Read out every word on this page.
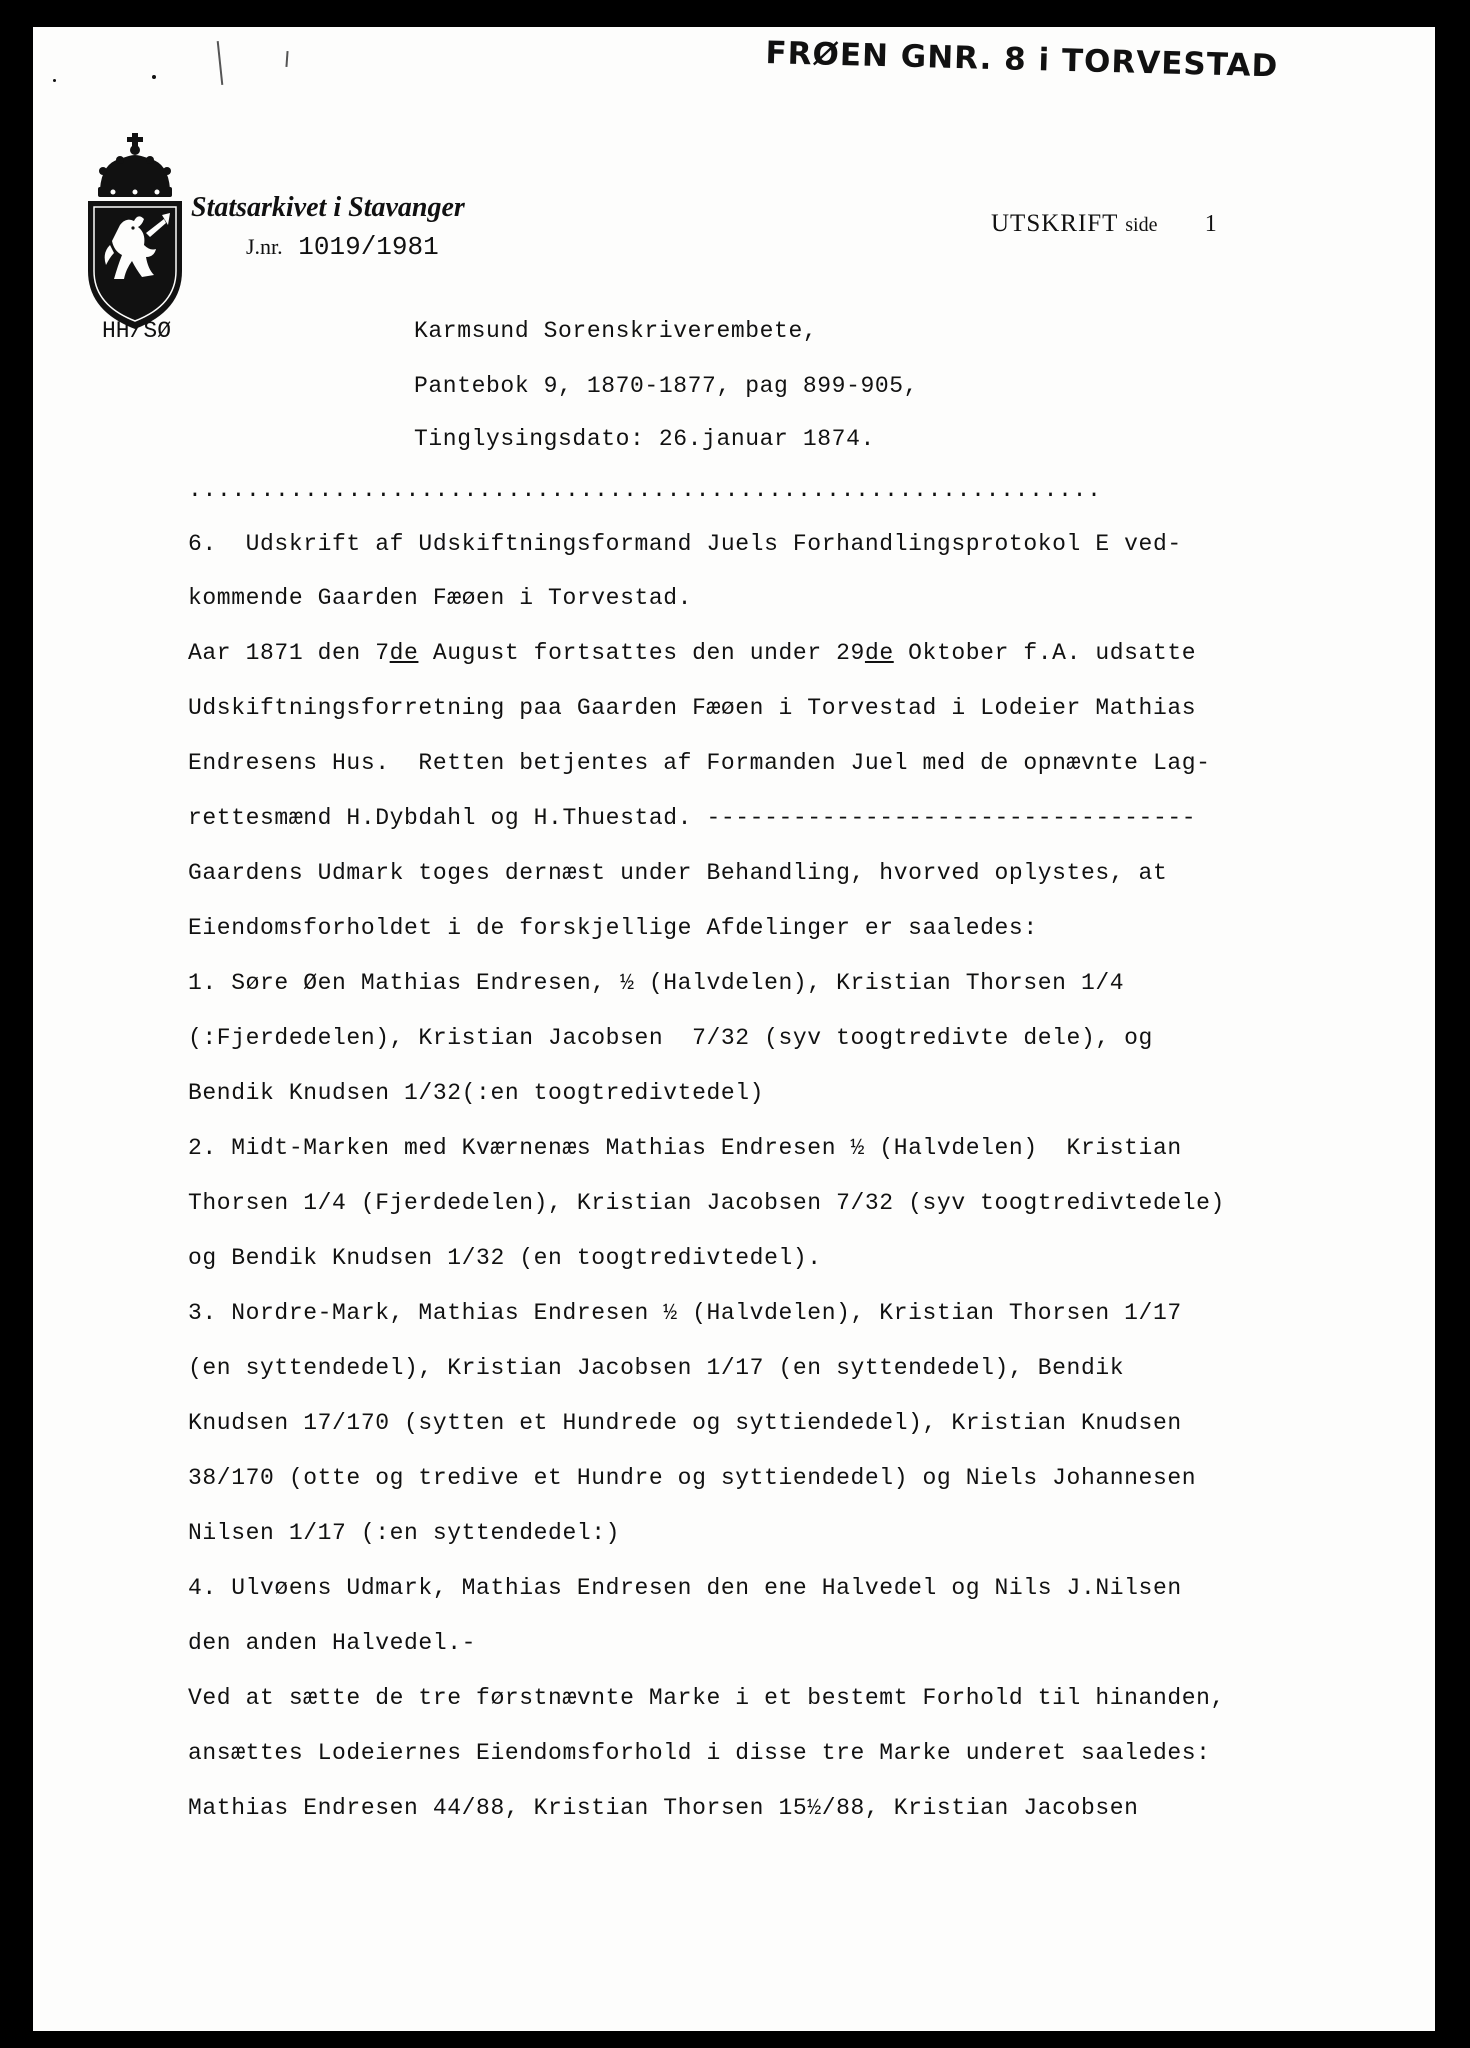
FRØEN GNR. 8 i TORVESTAD
Statsarkivet i Stavanger
J.nr. 1019/1981
UTSKRIFT side 1
HH/SØ	Karmsund Sorenskriverembete,
Pantebok 9, 1870-1877, pag 899-905,
Tinglysingsdato: 26.januar 1874.
...............................................................
6.  Udskrift af Udskiftningsformand Juels Forhandlingsprotokol E ved-
kommende Gaarden Fæøen i Torvestad.
Aar 1871 den 7de August fortsattes den under 29de Oktober f.A. udsatte
Udskiftningsforretning paa Gaarden Fæøen i Torvestad i Lodeier Mathias
Endresens Hus.  Retten betjentes af Formanden Juel med de opnævnte Lag-
rettesmænd H.Dybdahl og H.Thuestad. ----------------------------------
Gaardens Udmark toges dernæst under Behandling, hvorved oplystes, at
Eiendomsforholdet i de forskjellige Afdelinger er saaledes:
1. Søre Øen Mathias Endresen, ½ (Halvdelen), Kristian Thorsen 1/4
(:Fjerdedelen), Kristian Jacobsen  7/32 (syv toogtredivte dele), og
Bendik Knudsen 1/32(:en toogtredivtedel)
2. Midt-Marken med Kværnenæs Mathias Endresen ½ (Halvdelen)  Kristian
Thorsen 1/4 (Fjerdedelen), Kristian Jacobsen 7/32 (syv toogtredivtedele)
og Bendik Knudsen 1/32 (en toogtredivtedel).
3. Nordre-Mark, Mathias Endresen ½ (Halvdelen), Kristian Thorsen 1/17
(en syttendedel), Kristian Jacobsen 1/17 (en syttendedel), Bendik
Knudsen 17/170 (sytten et Hundrede og syttiendedel), Kristian Knudsen
38/170 (otte og tredive et Hundre og syttiendedel) og Niels Johannesen
Nilsen 1/17 (:en syttendedel:)
4. Ulvøens Udmark, Mathias Endresen den ene Halvedel og Nils J.Nilsen
den anden Halvedel.-
Ved at sætte de tre førstnævnte Marke i et bestemt Forhold til hinanden,
ansættes Lodeiernes Eiendomsforhold i disse tre Marke underet saaledes:
Mathias Endresen 44/88, Kristian Thorsen 15½/88, Kristian Jacobsen
